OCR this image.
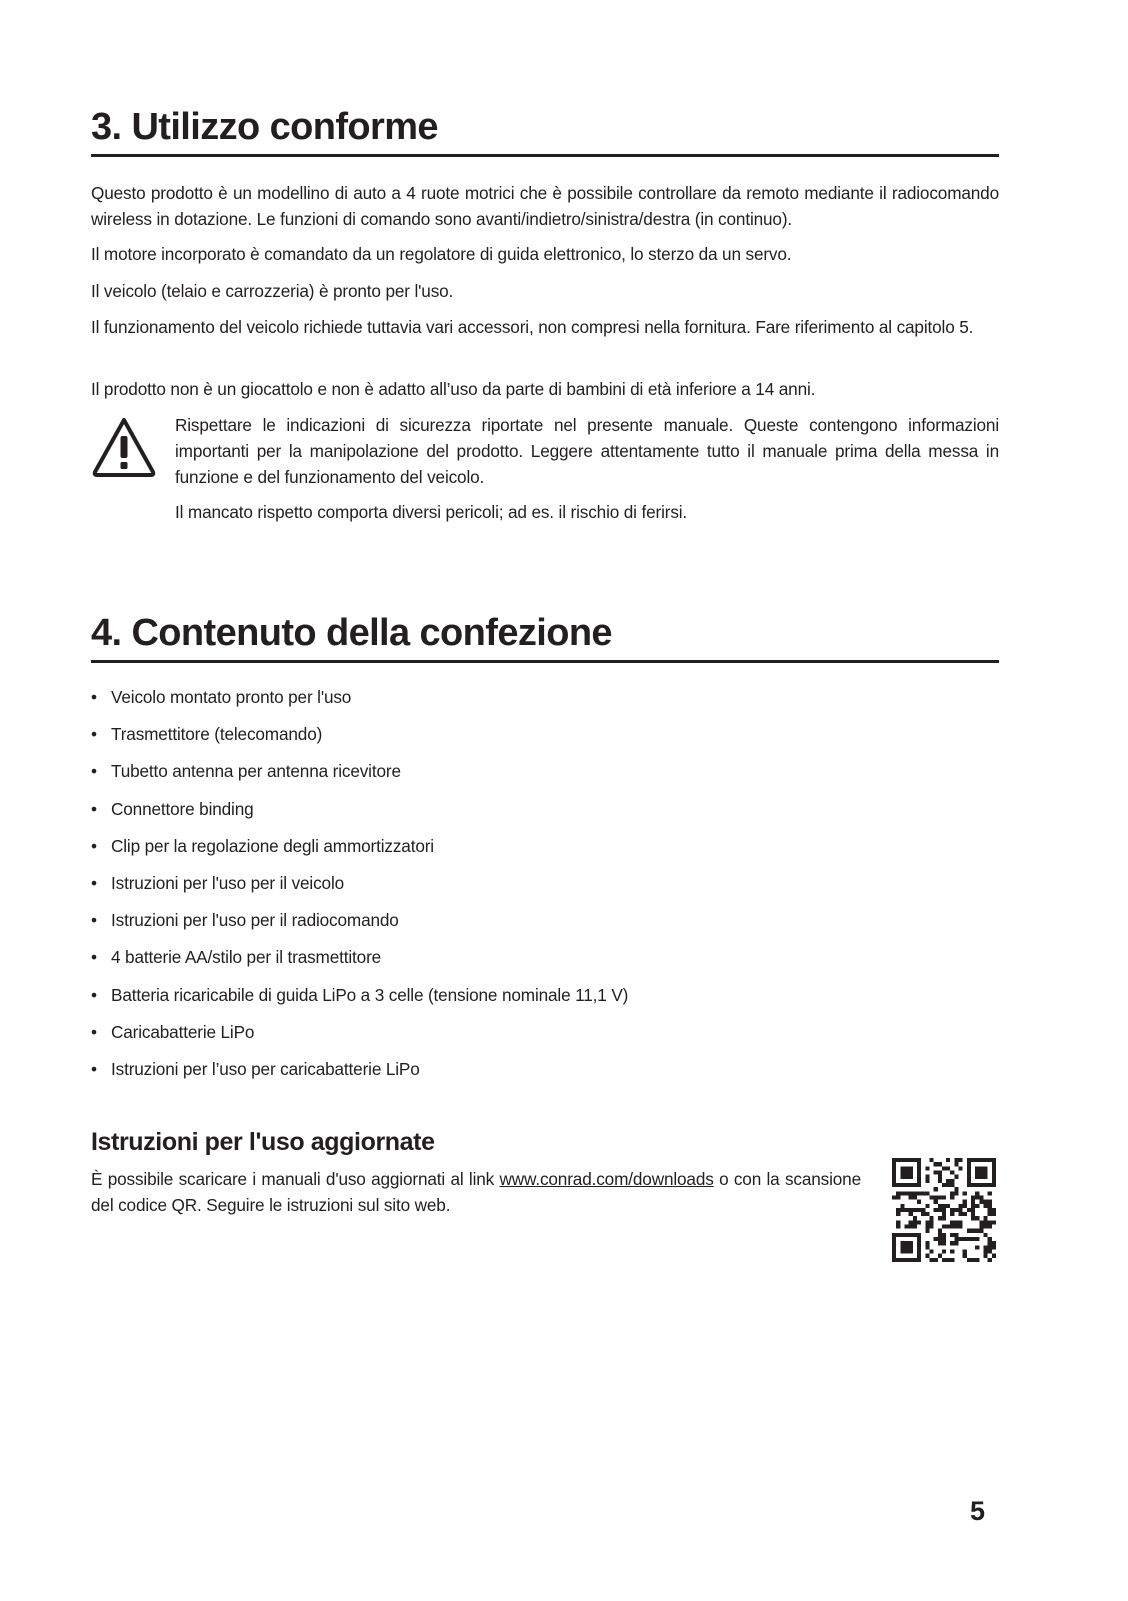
3. Utilizzo conforme

Questo prodotto è un modellino di auto a 4 ruote motrici che è possibile controllare da remoto mediante il radiocomando wireless in dotazione. Le funzioni di comando sono avanti/indietro/sinistra/destra (in continuo).

Il motore incorporato è comandato da un regolatore di guida elettronico, lo sterzo da un servo.

Il veicolo (telaio e carrozzeria) è pronto per l'uso.

Il funzionamento del veicolo richiede tuttavia vari accessori, non compresi nella fornitura. Fare riferimento al capitolo 5.

Il prodotto non è un giocattolo e non è adatto all’uso da parte di bambini di età inferiore a 14 anni.

Rispettare le indicazioni di sicurezza riportate nel presente manuale. Queste contengono informazioni importanti per la manipolazione del prodotto. Leggere attentamente tutto il manuale prima della messa in funzione e del funzionamento del veicolo.

Il mancato rispetto comporta diversi pericoli; ad es. il rischio di ferirsi.

4. Contenuto della confezione
• Veicolo montato pronto per l'uso
• Trasmettitore (telecomando)
• Tubetto antenna per antenna ricevitore
• Connettore binding
• Clip per la regolazione degli ammortizzatori
• Istruzioni per l'uso per il veicolo
• Istruzioni per l'uso per il radiocomando
• 4 batterie AA/stilo per il trasmettitore
• Batteria ricaricabile di guida LiPo a 3 celle (tensione nominale 11,1 V)
• Caricabatterie LiPo
• Istruzioni per l’uso per caricabatterie LiPo
Istruzioni per l'uso aggiornate

È possibile scaricare i manuali d'uso aggiornati al link www.conrad.com/downloads o con la scansione del codice QR. Seguire le istruzioni sul sito web.

5
